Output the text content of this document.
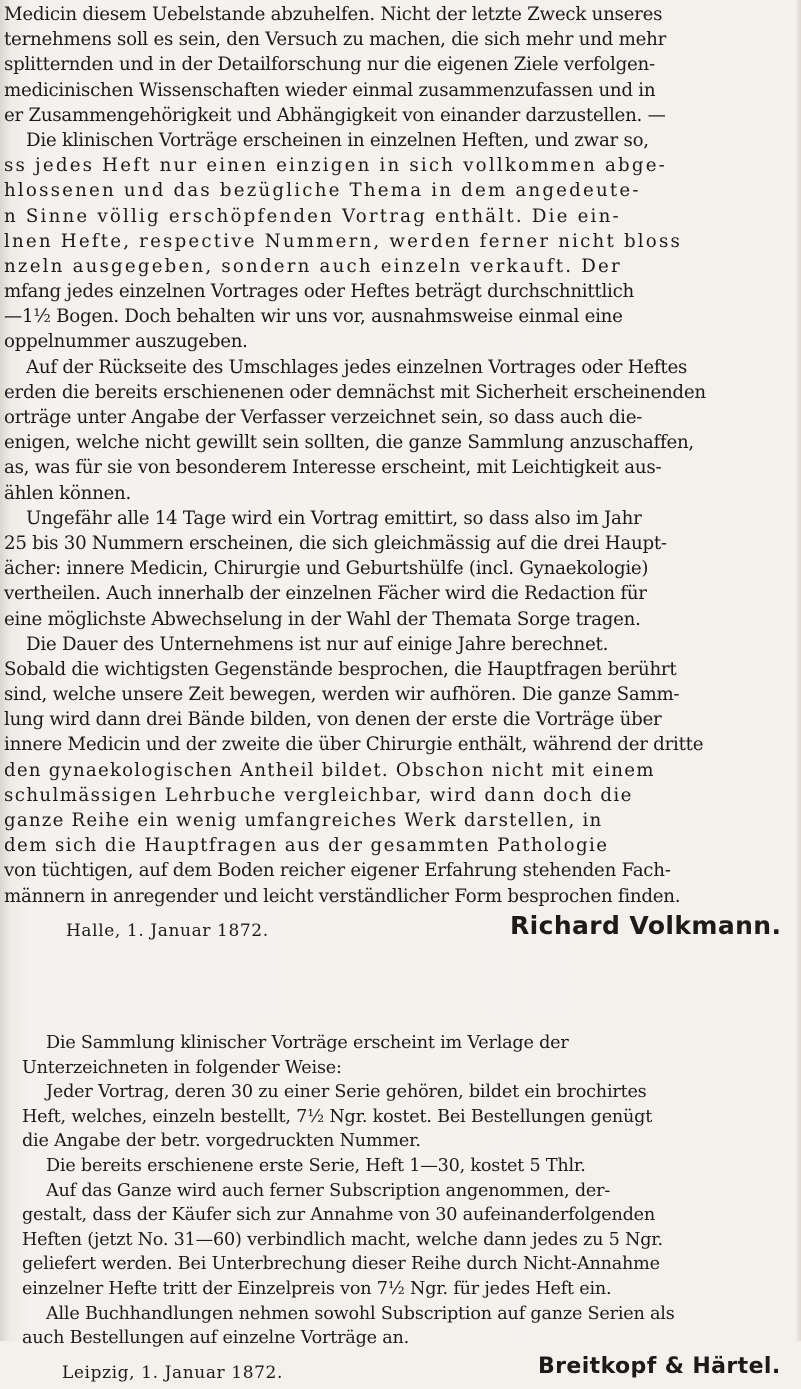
Medicin diesem Uebelstande abzuhelfen. Nicht der letzte Zweck unseres
ternehmens soll es sein, den Versuch zu machen, die sich mehr und mehr
splitternden und in der Detailforschung nur die eigenen Ziele verfolgen-
medicinischen Wissenschaften wieder einmal zusammenzufassen und in
er Zusammengehörigkeit und Abhängigkeit von einander darzustellen. —
Die klinischen Vorträge erscheinen in einzelnen Heften, und zwar so,
ss jedes Heft nur einen einzigen in sich vollkommen abge-
hlossenen und das bezügliche Thema in dem angedeute-
n Sinne völlig erschöpfenden Vortrag enthält. Die ein-
lnen Hefte, respective Nummern, werden ferner nicht bloss
nzeln ausgegeben, sondern auch einzeln verkauft. Der
mfang jedes einzelnen Vortrages oder Heftes beträgt durchschnittlich
—1½ Bogen. Doch behalten wir uns vor, ausnahmsweise einmal eine
oppelnummer auszugeben.
Auf der Rückseite des Umschlages jedes einzelnen Vortrages oder Heftes
erden die bereits erschienenen oder demnächst mit Sicherheit erscheinenden
orträge unter Angabe der Verfasser verzeichnet sein, so dass auch die-
enigen, welche nicht gewillt sein sollten, die ganze Sammlung anzuschaffen,
as, was für sie von besonderem Interesse erscheint, mit Leichtigkeit aus-
ählen können.
Ungefähr alle 14 Tage wird ein Vortrag emittirt, so dass also im Jahr
25 bis 30 Nummern erscheinen, die sich gleichmässig auf die drei Haupt-
ächer: innere Medicin, Chirurgie und Geburtshülfe (incl. Gynaekologie)
vertheilen. Auch innerhalb der einzelnen Fächer wird die Redaction für
eine möglichste Abwechselung in der Wahl der Themata Sorge tragen.
Die Dauer des Unternehmens ist nur auf einige Jahre berechnet.
Sobald die wichtigsten Gegenstände besprochen, die Hauptfragen berührt
sind, welche unsere Zeit bewegen, werden wir aufhören. Die ganze Samm-
lung wird dann drei Bände bilden, von denen der erste die Vorträge über
innere Medicin und der zweite die über Chirurgie enthält, während der dritte
den gynaekologischen Antheil bildet. Obschon nicht mit einem
schulmässigen Lehrbuche vergleichbar, wird dann doch die
ganze Reihe ein wenig umfangreiches Werk darstellen, in
dem sich die Hauptfragen aus der gesammten Pathologie
von tüchtigen, auf dem Boden reicher eigener Erfahrung stehenden Fach-
männern in anregender und leicht verständlicher Form besprochen finden.
Halle, 1. Januar 1872.	Richard Volkmann.
Die Sammlung klinischer Vorträge erscheint im Verlage der
Unterzeichneten in folgender Weise:
Jeder Vortrag, deren 30 zu einer Serie gehören, bildet ein brochirtes
Heft, welches, einzeln bestellt, 7½ Ngr. kostet. Bei Bestellungen genügt
die Angabe der betr. vorgedruckten Nummer.
Die bereits erschienene erste Serie, Heft 1—30, kostet 5 Thlr.
Auf das Ganze wird auch ferner Subscription angenommen, der-
gestalt, dass der Käufer sich zur Annahme von 30 aufeinanderfolgenden
Heften (jetzt No. 31—60) verbindlich macht, welche dann jedes zu 5 Ngr.
geliefert werden. Bei Unterbrechung dieser Reihe durch Nicht-Annahme
einzelner Hefte tritt der Einzelpreis von 7½ Ngr. für jedes Heft ein.
Alle Buchhandlungen nehmen sowohl Subscription auf ganze Serien als
auch Bestellungen auf einzelne Vorträge an.
Leipzig, 1. Januar 1872.	Breitkopf & Härtel.
